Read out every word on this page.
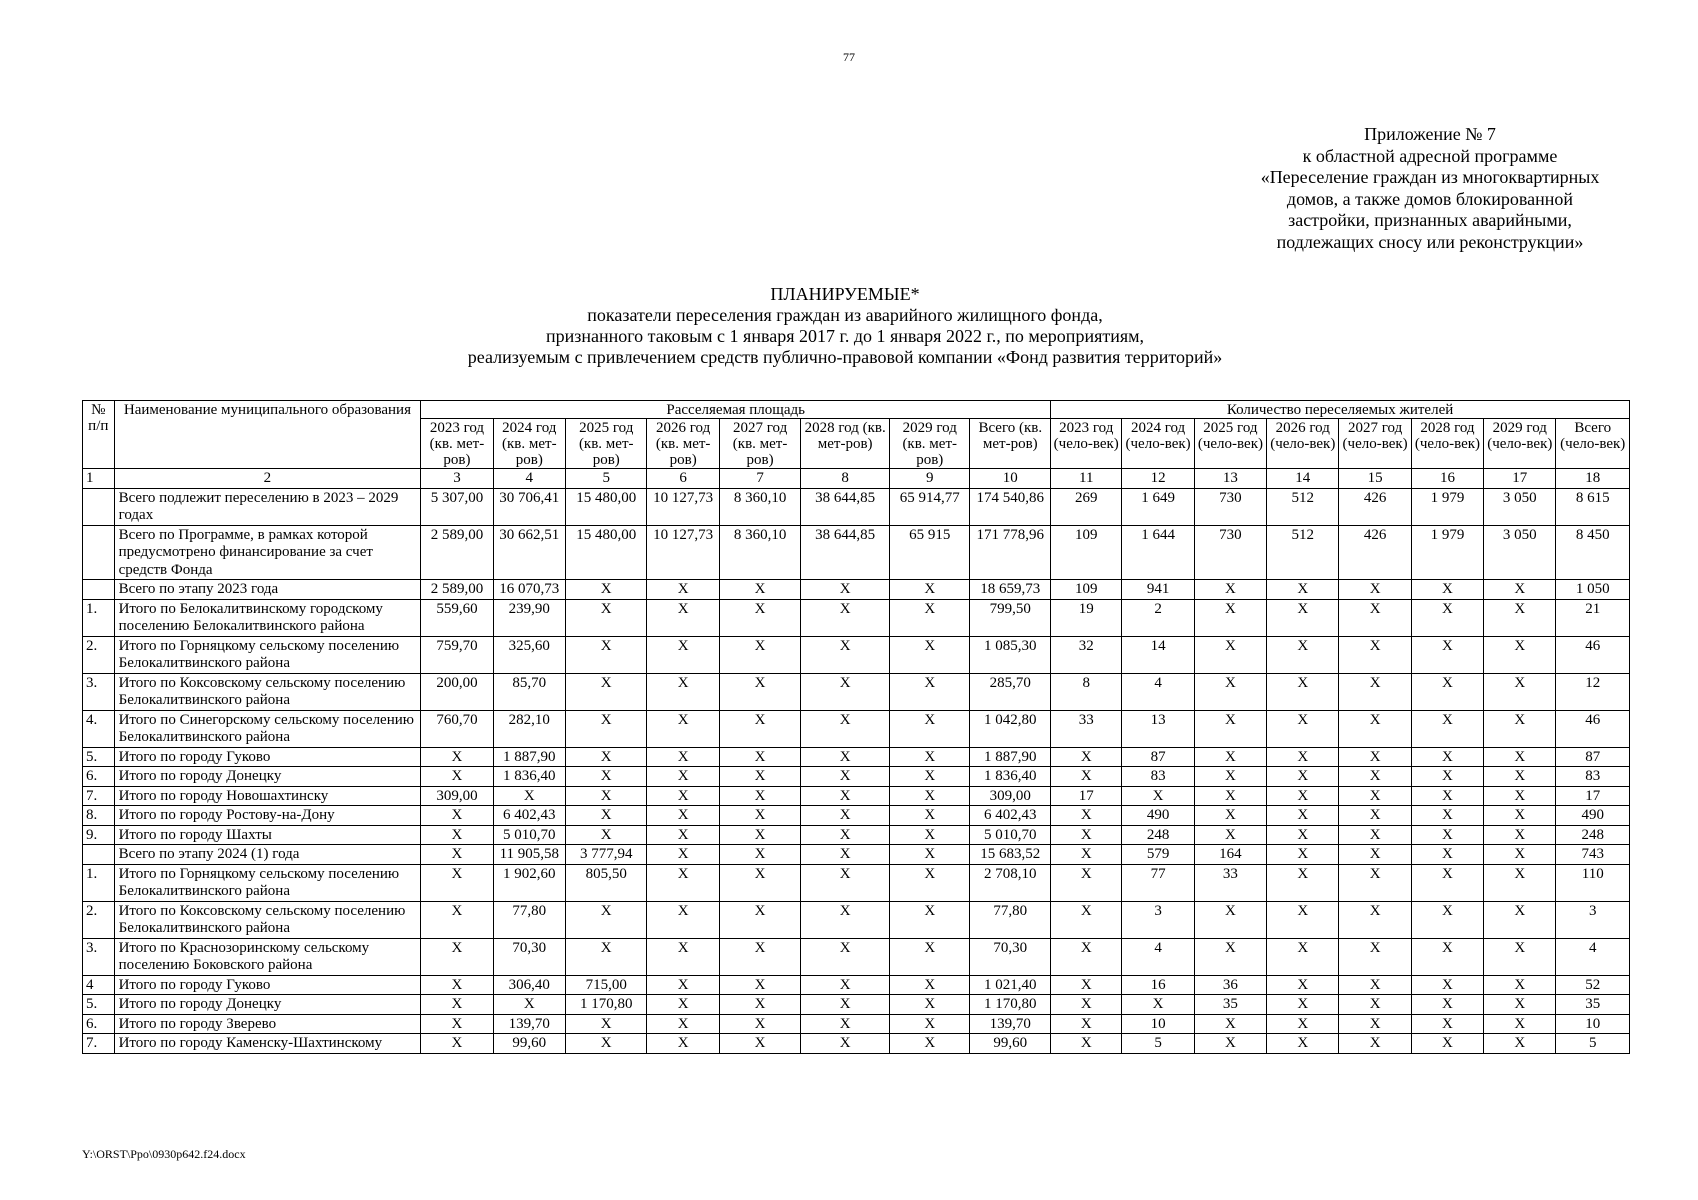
77
Приложение № 7
к областной адресной программе
«Переселение граждан из многоквартирных
домов, а также домов блокированной
застройки, признанных аварийными,
подлежащих сносу или реконструкции»
ПЛАНИРУЕМЫЕ*
показатели переселения граждан из аварийного жилищного фонда,
признанного таковым с 1 января 2017 г. до 1 января 2022 г., по мероприятиям,
реализуемым с привлечением средств публично-правовой компании «Фонд развития территорий»
№ п/п	Наименование муниципального образования	Расселяемая площадь								Количество переселяемых жителей							
		2023 год (кв. мет-ров)	2024 год (кв. мет-ров)	2025 год (кв. мет-ров)	2026 год (кв. мет-ров)	2027 год (кв. мет-ров)	2028 год (кв. мет-ров)	2029 год (кв. мет-ров)	Всего (кв. мет-ров)	2023 год (чело-век)	2024 год (чело-век)	2025 год (чело-век)	2026 год (чело-век)	2027 год (чело-век)	2028 год (чело-век)	2029 год (чело-век)	Всего (чело-век)
1	2	3	4	5	6	7	8	9	10	11	12	13	14	15	16	17	18
	Всего подлежит переселению в 2023 – 2029 годах	5 307,00	30 706,41	15 480,00	10 127,73	8 360,10	38 644,85	65 914,77	174 540,86	269	1 649	730	512	426	1 979	3 050	8 615
	Всего по Программе, в рамках которой предусмотрено финансирование за счет средств Фонда	2 589,00	30 662,51	15 480,00	10 127,73	8 360,10	38 644,85	65 915	171 778,96	109	1 644	730	512	426	1 979	3 050	8 450
	Всего по этапу 2023 года	2 589,00	16 070,73	X	X	X	X	X	18 659,73	109	941	X	X	X	X	X	1 050
1.	Итого по Белокалитвинскому городскому поселению Белокалитвинского района	559,60	239,90	X	X	X	X	X	799,50	19	2	X	X	X	X	X	21
2.	Итого по Горняцкому сельскому поселению Белокалитвинского района	759,70	325,60	X	X	X	X	X	1 085,30	32	14	X	X	X	X	X	46
3.	Итого по Коксовскому сельскому поселению Белокалитвинского района	200,00	85,70	X	X	X	X	X	285,70	8	4	X	X	X	X	X	12
4.	Итого по Синегорскому сельскому поселению Белокалитвинского района	760,70	282,10	X	X	X	X	X	1 042,80	33	13	X	X	X	X	X	46
5.	Итого по городу Гуково	X	1 887,90	X	X	X	X	X	1 887,90	X	87	X	X	X	X	X	87
6.	Итого по городу Донецку	X	1 836,40	X	X	X	X	X	1 836,40	X	83	X	X	X	X	X	83
7.	Итого по городу Новошахтинску	309,00	X	X	X	X	X	X	309,00	17	X	X	X	X	X	X	17
8.	Итого по городу Ростову-на-Дону	X	6 402,43	X	X	X	X	X	6 402,43	X	490	X	X	X	X	X	490
9.	Итого по городу Шахты	X	5 010,70	X	X	X	X	X	5 010,70	X	248	X	X	X	X	X	248
	Всего по этапу 2024 (1) года	X	11 905,58	3 777,94	X	X	X	X	15 683,52	X	579	164	X	X	X	X	743
1.	Итого по Горняцкому сельскому поселению Белокалитвинского района	X	1 902,60	805,50	X	X	X	X	2 708,10	X	77	33	X	X	X	X	110
2.	Итого по Коксовскому сельскому поселению Белокалитвинского района	X	77,80	X	X	X	X	X	77,80	X	3	X	X	X	X	X	3
3.	Итого по Краснозоринскому сельскому поселению Боковского района	X	70,30	X	X	X	X	X	70,30	X	4	X	X	X	X	X	4
4	Итого по городу Гуково	X	306,40	715,00	X	X	X	X	1 021,40	X	16	36	X	X	X	X	52
5.	Итого по городу Донецку	X	X	1 170,80	X	X	X	X	1 170,80	X	X	35	X	X	X	X	35
6.	Итого по городу Зверево	X	139,70	X	X	X	X	X	139,70	X	10	X	X	X	X	X	10
7.	Итого по городу Каменску-Шахтинскому	X	99,60	X	X	X	X	X	99,60	X	5	X	X	X	X	X	5
Y:\ORST\Ppo\0930p642.f24.docx
